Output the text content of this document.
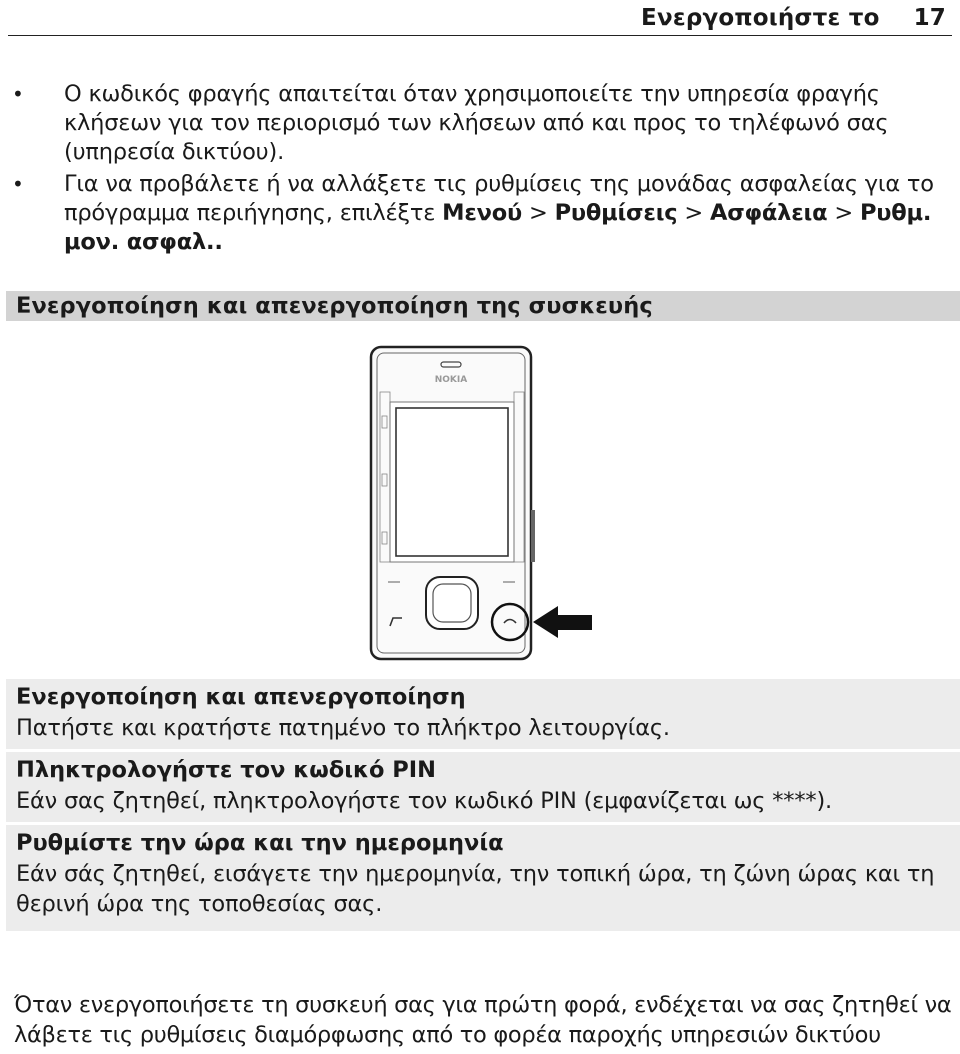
Ενεργοποιήστε το 17
•	Ο κωδικός φραγής απαιτείται όταν χρησιμοποιείτε την υπηρεσία φραγής κλήσεων για τον περιορισμό των κλήσεων από και προς το τηλέφωνό σας (υπηρεσία δικτύου).
•	Για να προβάλετε ή να αλλάξετε τις ρυθμίσεις της μονάδας ασφαλείας για το πρόγραμμα περιήγησης, επιλέξτε Μενού > Ρυθμίσεις > Ασφάλεια > Ρυθμ. μον. ασφαλ..
Ενεργοποίηση και απενεργοποίηση της συσκευής
NOKIA
Ενεργοποίηση και απενεργοποίηση

Πατήστε και κρατήστε πατημένο το πλήκτρο λειτουργίας.

Πληκτρολογήστε τον κωδικό PIN

Εάν σας ζητηθεί, πληκτρολογήστε τον κωδικό PIN (εμφανίζεται ως ****).

Ρυθμίστε την ώρα και την ημερομηνία

Εάν σάς ζητηθεί, εισάγετε την ημερομηνία, την τοπική ώρα, τη ζώνη ώρας και τη θερινή ώρα της τοποθεσίας σας.

Όταν ενεργοποιήσετε τη συσκευή σας για πρώτη φορά, ενδέχεται να σας ζητηθεί να λάβετε τις ρυθμίσεις διαμόρφωσης από το φορέα παροχής υπηρεσιών δικτύου
